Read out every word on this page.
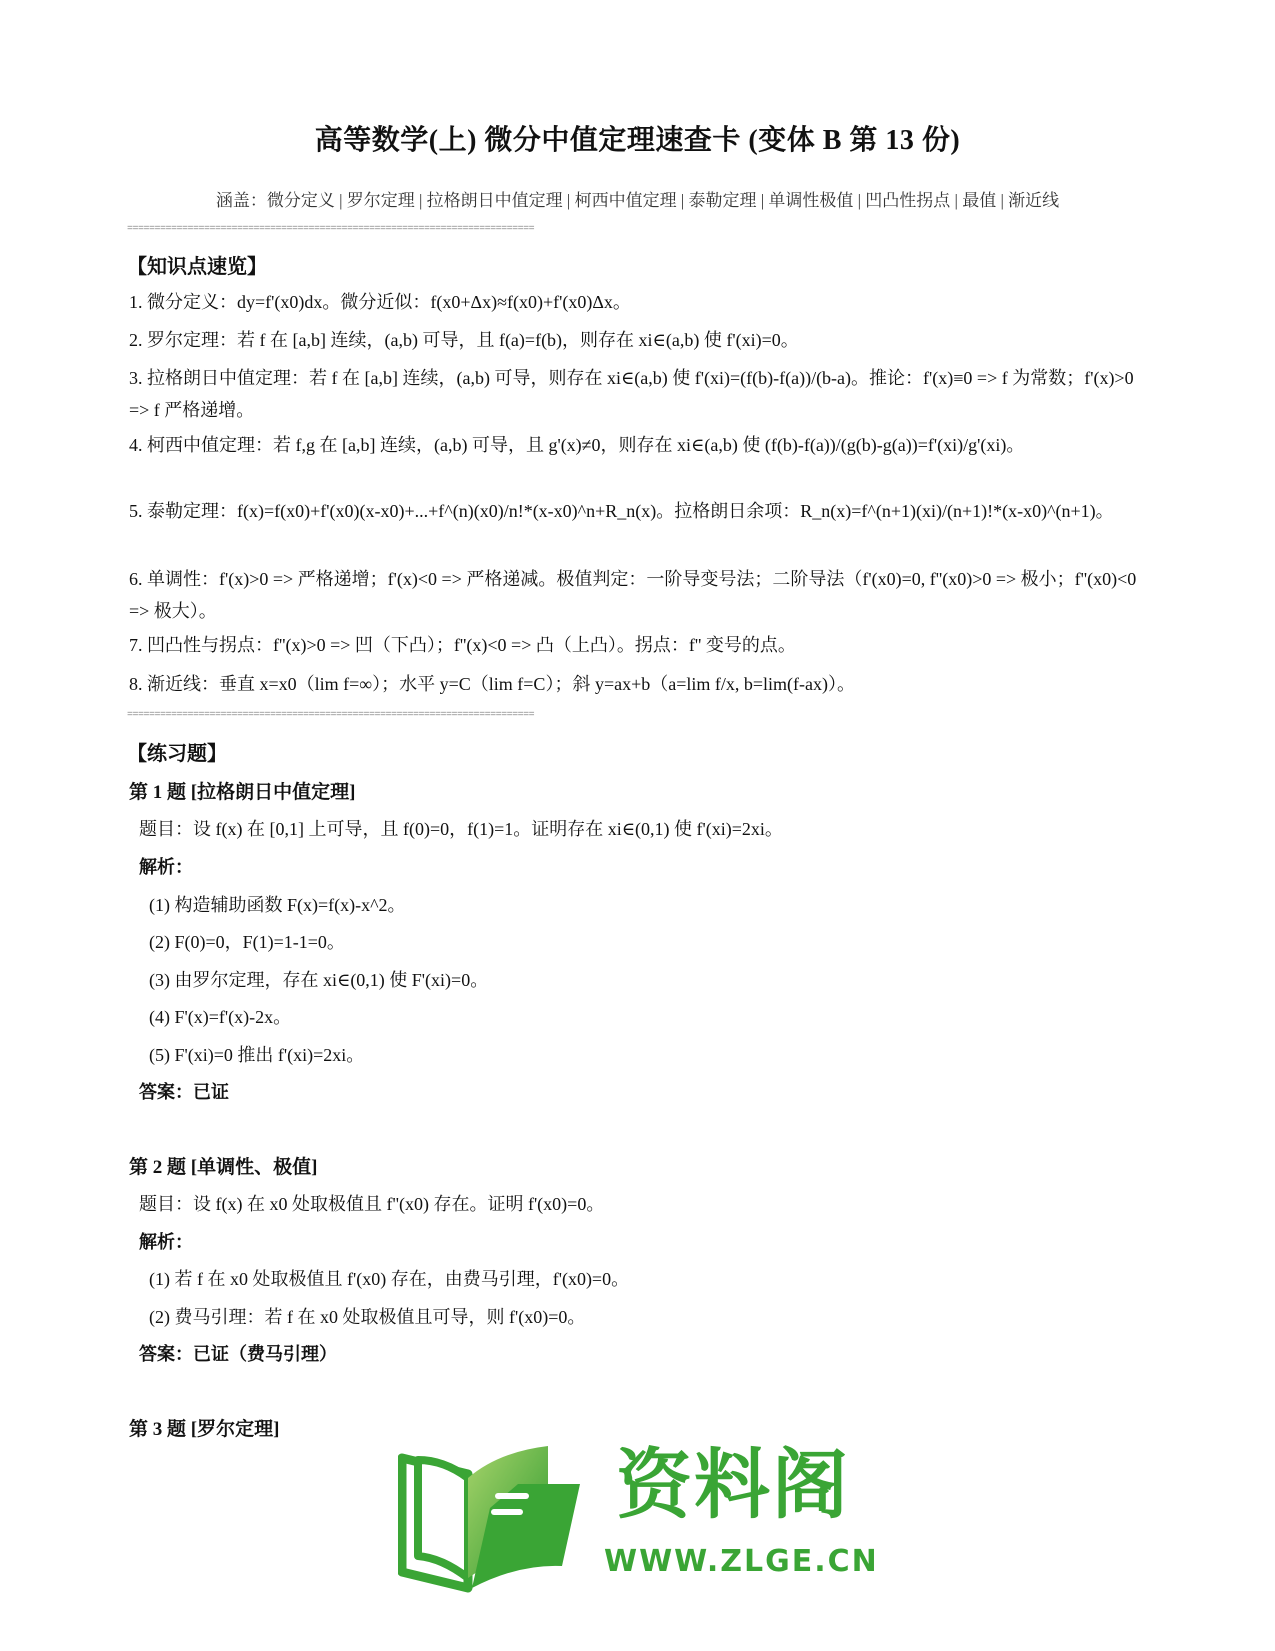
高等数学(上) 微分中值定理速查卡 (变体 B 第 13 份)
涵盖：微分定义 | 罗尔定理 | 拉格朗日中值定理 | 柯西中值定理 | 泰勒定理 | 单调性极值 | 凹凸性拐点 | 最值 | 渐近线
==========================================================================
【知识点速览】
1. 微分定义：dy=f'(x0)dx。微分近似：f(x0+Δx)≈f(x0)+f'(x0)Δx。
2. 罗尔定理：若 f 在 [a,b] 连续，(a,b) 可导，且 f(a)=f(b)，则存在 xi∈(a,b) 使 f'(xi)=0。
3. 拉格朗日中值定理：若 f 在 [a,b] 连续，(a,b) 可导，则存在 xi∈(a,b) 使 f'(xi)=(f(b)-f(a))/(b-a)。推论：f'(x)≡0 => f 为常数；f'(x)>0 => f 严格递增。
4. 柯西中值定理：若 f,g 在 [a,b] 连续，(a,b) 可导，且 g'(x)≠0，则存在 xi∈(a,b) 使 (f(b)-f(a))/(g(b)-g(a))=f'(xi)/g'(xi)。
5. 泰勒定理：f(x)=f(x0)+f'(x0)(x-x0)+...+f^(n)(x0)/n!*(x-x0)^n+R_n(x)。拉格朗日余项：R_n(x)=f^(n+1)(xi)/(n+1)!*(x-x0)^(n+1)。
6. 单调性：f'(x)>0 => 严格递增；f'(x)<0 => 严格递减。极值判定：一阶导变号法；二阶导法（f'(x0)=0, f''(x0)>0 => 极小；f''(x0)<0 => 极大）。
7. 凹凸性与拐点：f''(x)>0 => 凹（下凸）；f''(x)<0 => 凸（上凸）。拐点：f'' 变号的点。
8. 渐近线：垂直 x=x0（lim f=∞）；水平 y=C（lim f=C）；斜 y=ax+b（a=lim f/x, b=lim(f-ax)）。
==========================================================================
【练习题】
第 1 题 [拉格朗日中值定理]
题目：设 f(x) 在 [0,1] 上可导，且 f(0)=0，f(1)=1。证明存在 xi∈(0,1) 使 f'(xi)=2xi。
解析：
(1) 构造辅助函数 F(x)=f(x)-x^2。
(2) F(0)=0，F(1)=1-1=0。
(3) 由罗尔定理，存在 xi∈(0,1) 使 F'(xi)=0。
(4) F'(x)=f'(x)-2x。
(5) F'(xi)=0 推出 f'(xi)=2xi。
答案：已证
第 2 题 [单调性、极值]
题目：设 f(x) 在 x0 处取极值且 f''(x0) 存在。证明 f'(x0)=0。
解析：
(1) 若 f 在 x0 处取极值且 f'(x0) 存在，由费马引理，f'(x0)=0。
(2) 费马引理：若 f 在 x0 处取极值且可导，则 f'(x0)=0。
答案：已证（费马引理）
第 3 题 [罗尔定理]
资料阁
WWW.ZLGE.CN
